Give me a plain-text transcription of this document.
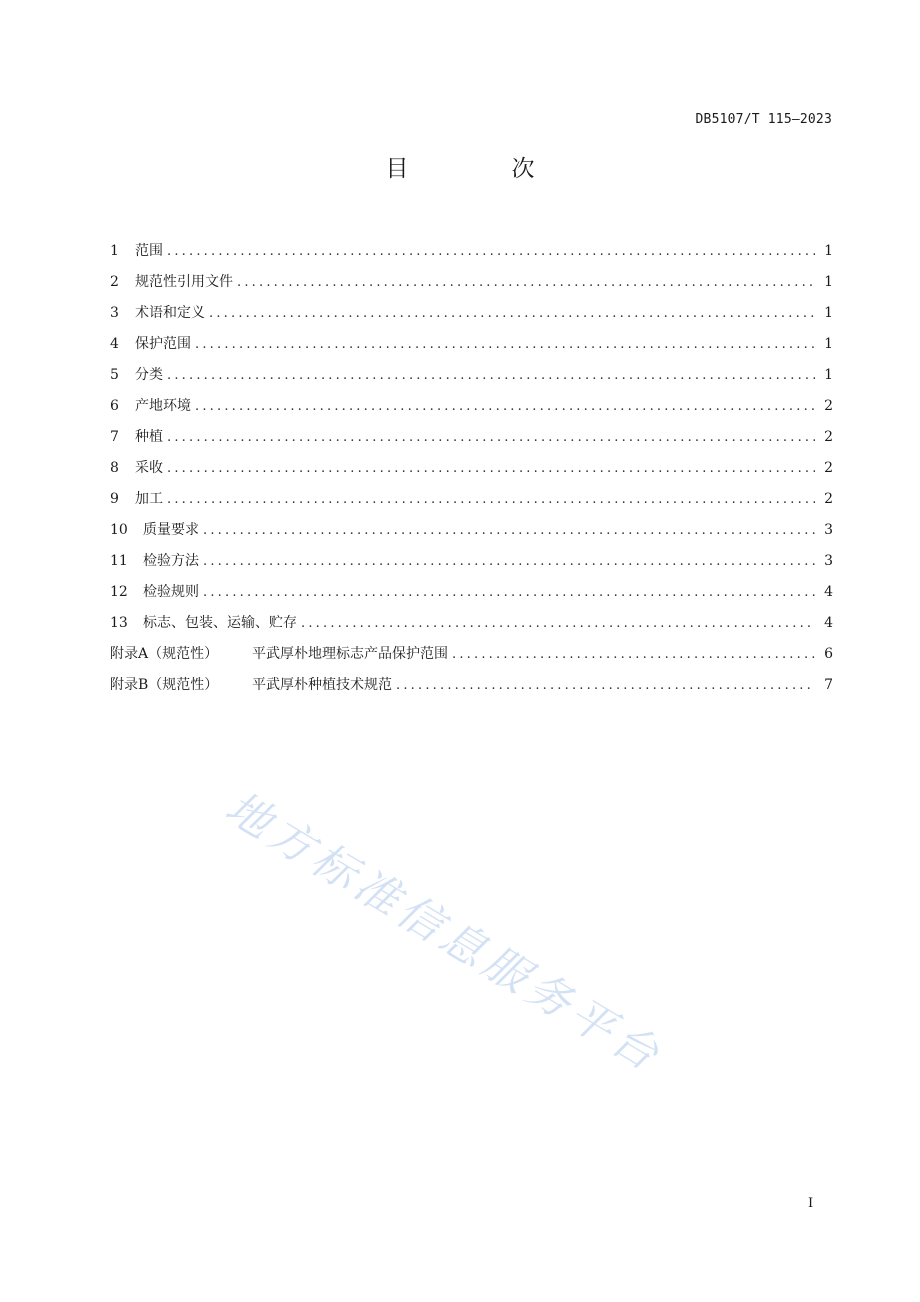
DB5107/T 115—2023
目　次
1	范围 .....	1
2	规范性引用文件 .....	1
3	术语和定义 .....	1
4	保护范围 .....	1
5	分类 .....	1
6	产地环境 .....	2
7	种植 .....	2
8	采收 .....	2
9	加工 .....	2
10	质量要求 .....	3
11	检验方法 .....	3
12	检验规则 .....	4
13	标志、包装、运输、贮存 .....	4
附录A（规范性）	平武厚朴地理标志产品保护范围 .....	6
附录B（规范性）	平武厚朴种植技术规范 .....	7
地方标准信息服务平台
I
